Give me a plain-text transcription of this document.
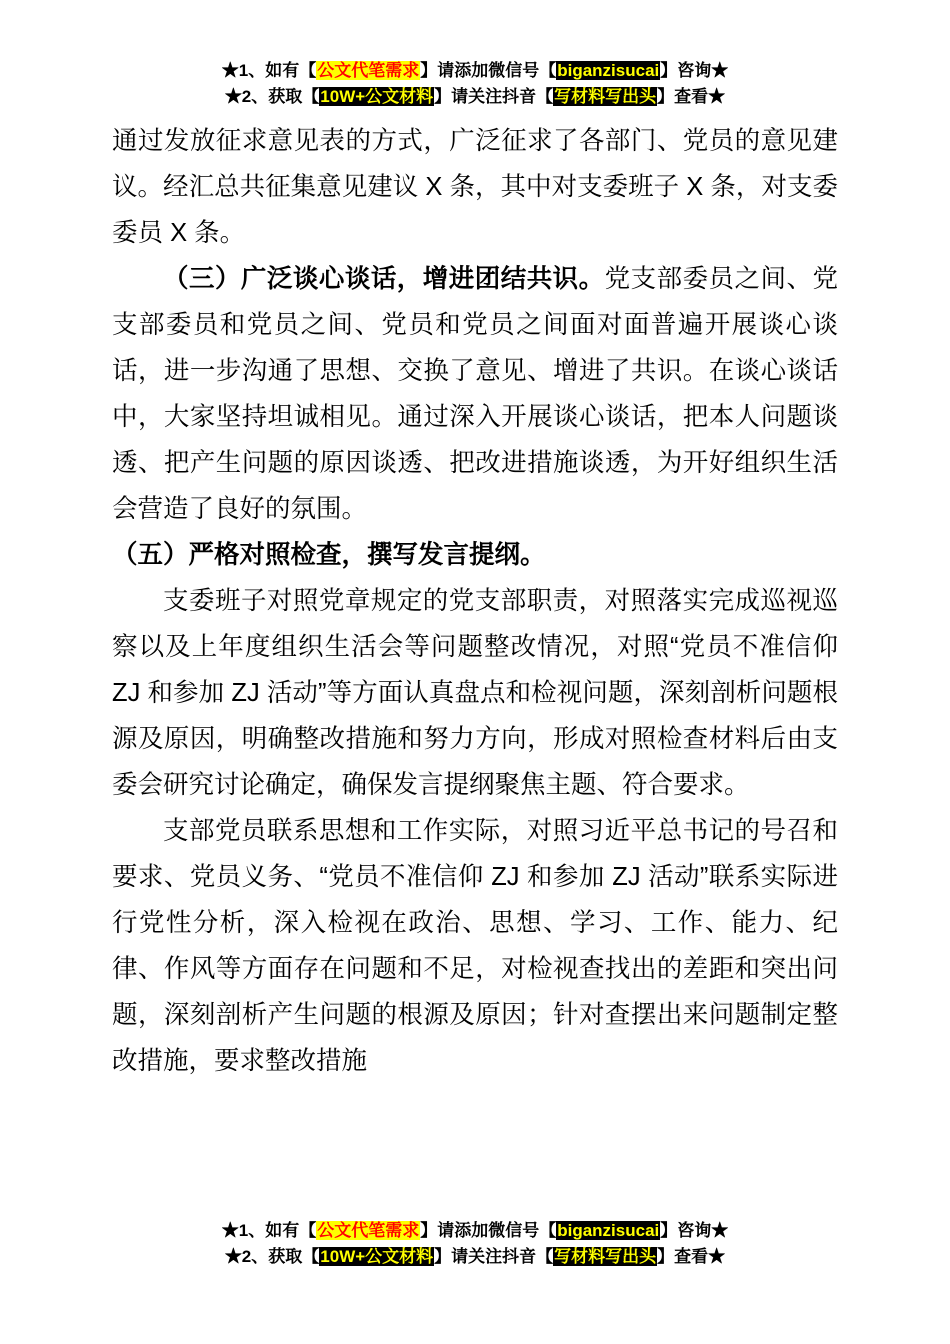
★1、如有【公文代笔需求】请添加微信号【biganzisucai】咨询★
★2、获取【10W+公文材料】请关注抖音【写材料写出头】查看★

通过发放征求意见表的方式，广泛征求了各部门、党员的意见建议。经汇总共征集意见建议 X 条，其中对支委班子 X 条，对支委委员 X 条。

（三）广泛谈心谈话，增进团结共识。党支部委员之间、党支部委员和党员之间、党员和党员之间面对面普遍开展谈心谈话，进一步沟通了思想、交换了意见、增进了共识。在谈心谈话中，大家坚持坦诚相见。通过深入开展谈心谈话，把本人问题谈透、把产生问题的原因谈透、把改进措施谈透，为开好组织生活会营造了良好的氛围。

（五）严格对照检查，撰写发言提纲。

支委班子对照党章规定的党支部职责，对照落实完成巡视巡察以及上年度组织生活会等问题整改情况，对照“党员不准信仰 ZJ 和参加 ZJ 活动”等方面认真盘点和检视问题，深刻剖析问题根源及原因，明确整改措施和努力方向，形成对照检查材料后由支委会研究讨论确定，确保发言提纲聚焦主题、符合要求。

支部党员联系思想和工作实际，对照习近平总书记的号召和要求、党员义务、“党员不准信仰 ZJ 和参加 ZJ 活动”联系实际进行党性分析，深入检视在政治、思想、学习、工作、能力、纪律、作风等方面存在问题和不足，对检视查找出的差距和突出问题，深刻剖析产生问题的根源及原因；针对查摆出来问题制定整改措施，要求整改措施

★1、如有【公文代笔需求】请添加微信号【biganzisucai】咨询★
★2、获取【10W+公文材料】请关注抖音【写材料写出头】查看★
